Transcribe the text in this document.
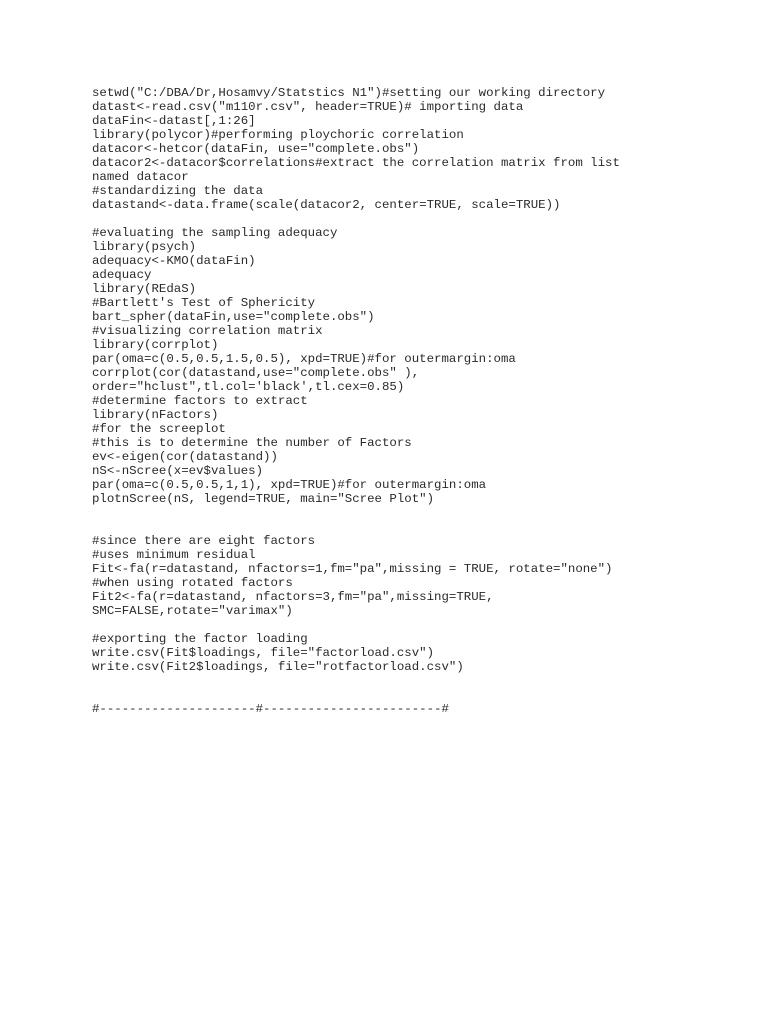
setwd("C:/DBA/Dr,Hosamvy/Statstics N1")#setting our working directory
datast<-read.csv("m110r.csv", header=TRUE)# importing data
dataFin<-datast[,1:26]
library(polycor)#performing ploychoric correlation
datacor<-hetcor(dataFin, use="complete.obs")
datacor2<-datacor$correlations#extract the correlation matrix from list
named datacor
#standardizing the data
datastand<-data.frame(scale(datacor2, center=TRUE, scale=TRUE))
#evaluating the sampling adequacy
library(psych)
adequacy<-KMO(dataFin)
adequacy
library(REdaS)
#Bartlett's Test of Sphericity
bart_spher(dataFin,use="complete.obs")
#visualizing correlation matrix
library(corrplot)
par(oma=c(0.5,0.5,1.5,0.5), xpd=TRUE)#for outermargin:oma
corrplot(cor(datastand,use="complete.obs" ),
order="hclust",tl.col='black',tl.cex=0.85)
#determine factors to extract
library(nFactors)
#for the screeplot
#this is to determine the number of Factors
ev<-eigen(cor(datastand))
nS<-nScree(x=ev$values)
par(oma=c(0.5,0.5,1,1), xpd=TRUE)#for outermargin:oma
plotnScree(nS, legend=TRUE, main="Scree Plot")
#since there are eight factors
#uses minimum residual
Fit<-fa(r=datastand, nfactors=1,fm="pa",missing = TRUE, rotate="none")
#when using rotated factors
Fit2<-fa(r=datastand, nfactors=3,fm="pa",missing=TRUE,
SMC=FALSE,rotate="varimax")
#exporting the factor loading
write.csv(Fit$loadings, file="factorload.csv")
write.csv(Fit2$loadings, file="rotfactorload.csv")
#---------------------#------------------------#
